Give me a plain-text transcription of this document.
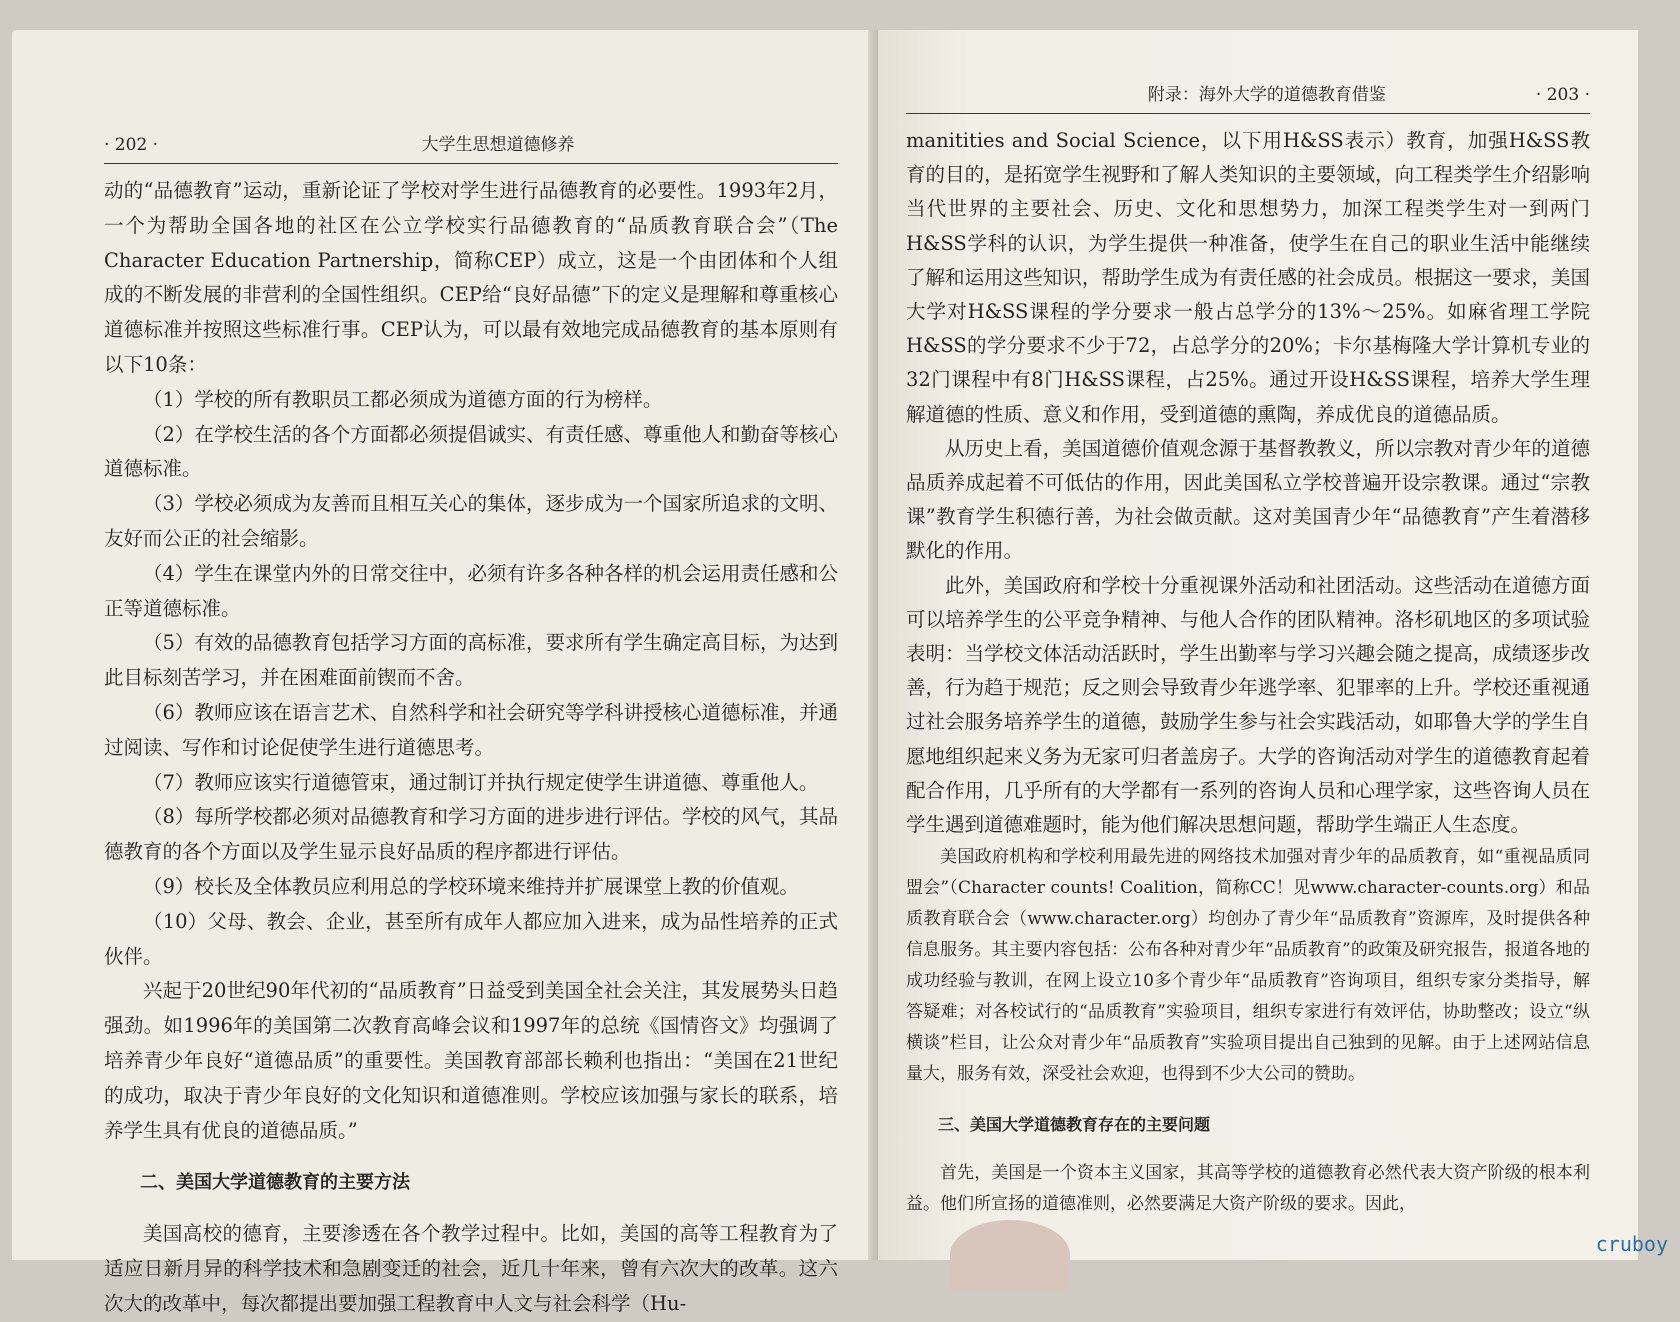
· 202 ·	大学生思想道德修养

动的“品德教育”运动，重新论证了学校对学生进行品德教育的必要性。1993年2月，一个为帮助全国各地的社区在公立学校实行品德教育的“品质教育联合会”（The Character Education Partnership，简称CEP）成立，这是一个由团体和个人组成的不断发展的非营利的全国性组织。CEP给“良好品德”下的定义是理解和尊重核心道德标准并按照这些标准行事。CEP认为，可以最有效地完成品德教育的基本原则有以下10条：

（1）学校的所有教职员工都必须成为道德方面的行为榜样。

（2）在学校生活的各个方面都必须提倡诚实、有责任感、尊重他人和勤奋等核心道德标准。

（3）学校必须成为友善而且相互关心的集体，逐步成为一个国家所追求的文明、友好而公正的社会缩影。

（4）学生在课堂内外的日常交往中，必须有许多各种各样的机会运用责任感和公正等道德标准。

（5）有效的品德教育包括学习方面的高标准，要求所有学生确定高目标，为达到此目标刻苦学习，并在困难面前锲而不舍。

（6）教师应该在语言艺术、自然科学和社会研究等学科讲授核心道德标准，并通过阅读、写作和讨论促使学生进行道德思考。

（7）教师应该实行道德管束，通过制订并执行规定使学生讲道德、尊重他人。

（8）每所学校都必须对品德教育和学习方面的进步进行评估。学校的风气，其品德教育的各个方面以及学生显示良好品质的程序都进行评估。

（9）校长及全体教员应利用总的学校环境来维持并扩展课堂上教的价值观。

（10）父母、教会、企业，甚至所有成年人都应加入进来，成为品性培养的正式伙伴。

兴起于20世纪90年代初的“品质教育”日益受到美国全社会关注，其发展势头日趋强劲。如1996年的美国第二次教育高峰会议和1997年的总统《国情咨文》均强调了培养青少年良好“道德品质”的重要性。美国教育部部长赖利也指出：“美国在21世纪的成功，取决于青少年良好的文化知识和道德准则。学校应该加强与家长的联系，培养学生具有优良的道德品质。”

二、美国大学道德教育的主要方法

美国高校的德育，主要渗透在各个教学过程中。比如，美国的高等工程教育为了适应日新月异的科学技术和急剧变迁的社会，近几十年来，曾有六次大的改革。这六次大的改革中，每次都提出要加强工程教育中人文与社会科学（Hu-

附录：海外大学的道德教育借鉴	· 203 ·

manitities and Social Science，以下用H&SS表示）教育，加强H&SS教育的目的，是拓宽学生视野和了解人类知识的主要领域，向工程类学生介绍影响当代世界的主要社会、历史、文化和思想势力，加深工程类学生对一到两门H&SS学科的认识，为学生提供一种准备，使学生在自己的职业生活中能继续了解和运用这些知识，帮助学生成为有责任感的社会成员。根据这一要求，美国大学对H&SS课程的学分要求一般占总学分的13%～25%。如麻省理工学院H&SS的学分要求不少于72，占总学分的20%；卡尔基梅隆大学计算机专业的32门课程中有8门H&SS课程，占25%。通过开设H&SS课程，培养大学生理解道德的性质、意义和作用，受到道德的熏陶，养成优良的道德品质。

从历史上看，美国道德价值观念源于基督教教义，所以宗教对青少年的道德品质养成起着不可低估的作用，因此美国私立学校普遍开设宗教课。通过“宗教课”教育学生积德行善，为社会做贡献。这对美国青少年“品德教育”产生着潜移默化的作用。

此外，美国政府和学校十分重视课外活动和社团活动。这些活动在道德方面可以培养学生的公平竞争精神、与他人合作的团队精神。洛杉矶地区的多项试验表明：当学校文体活动活跃时，学生出勤率与学习兴趣会随之提高，成绩逐步改善，行为趋于规范；反之则会导致青少年逃学率、犯罪率的上升。学校还重视通过社会服务培养学生的道德，鼓励学生参与社会实践活动，如耶鲁大学的学生自愿地组织起来义务为无家可归者盖房子。大学的咨询活动对学生的道德教育起着配合作用，几乎所有的大学都有一系列的咨询人员和心理学家，这些咨询人员在学生遇到道德难题时，能为他们解决思想问题，帮助学生端正人生态度。

美国政府机构和学校利用最先进的网络技术加强对青少年的品质教育，如“重视品质同盟会”（Character counts! Coalition，简称CC！见www.character-counts.org）和品质教育联合会（www.character.org）均创办了青少年“品质教育”资源库，及时提供各种信息服务。其主要内容包括：公布各种对青少年“品质教育”的政策及研究报告，报道各地的成功经验与教训，在网上设立10多个青少年“品质教育”咨询项目，组织专家分类指导，解答疑难；对各校试行的“品质教育”实验项目，组织专家进行有效评估，协助整改；设立“纵横谈”栏目，让公众对青少年“品质教育”实验项目提出自己独到的见解。由于上述网站信息量大，服务有效，深受社会欢迎，也得到不少大公司的赞助。

三、美国大学道德教育存在的主要问题

首先，美国是一个资本主义国家，其高等学校的道德教育必然代表大资产阶级的根本利益。他们所宣扬的道德准则，必然要满足大资产阶级的要求。因此，

cruboy
